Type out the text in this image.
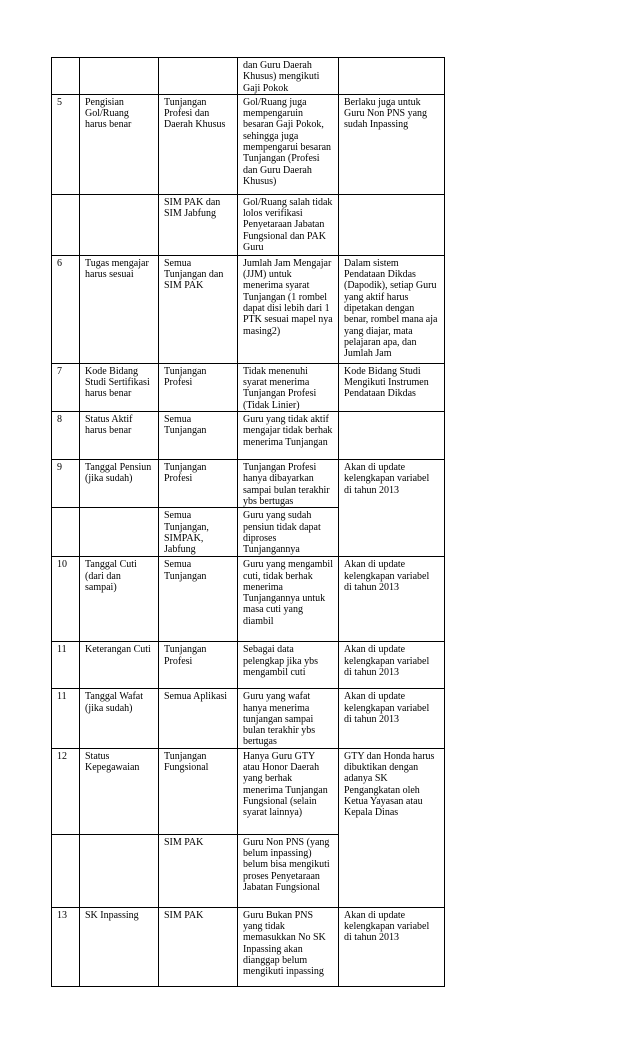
			dan Guru Daerah Khusus) mengikuti Gaji Pokok	
5	Pengisian Gol/Ruang harus benar	Tunjangan Profesi dan Daerah Khusus	Gol/Ruang juga mempengaruin besaran Gaji Pokok, sehingga juga mempengarui besaran Tunjangan (Profesi dan Guru Daerah Khusus)	Berlaku juga untuk Guru Non PNS yang sudah Inpassing
		SIM PAK dan SIM Jabfung	Gol/Ruang salah tidak lolos verifikasi Penyetaraan Jabatan Fungsional dan PAK Guru	
6	Tugas mengajar harus sesuai	Semua Tunjangan dan SIM PAK	Jumlah Jam Mengajar (JJM) untuk menerima syarat Tunjangan (1 rombel dapat disi lebih dari 1 PTK sesuai mapel nya masing2)	Dalam sistem Pendataan Dikdas (Dapodik), setiap Guru yang aktif harus dipetakan dengan benar, rombel mana aja yang diajar, mata pelajaran apa, dan Jumlah Jam
7	Kode Bidang Studi Sertifikasi harus benar	Tunjangan Profesi	Tidak menenuhi syarat menerima Tunjangan Profesi (Tidak Linier)	Kode Bidang Studi Mengikuti Instrumen Pendataan Dikdas
8	Status Aktif harus benar	Semua Tunjangan	Guru yang tidak aktif mengajar tidak berhak menerima Tunjangan	
9	Tanggal Pensiun (jika sudah)	Tunjangan Profesi	Tunjangan Profesi hanya dibayarkan sampai bulan terakhir ybs bertugas	Akan di update kelengkapan variabel di tahun 2013
		Semua Tunjangan, SIMPAK, Jabfung	Guru yang sudah pensiun tidak dapat diproses Tunjangannya	
10	Tanggal Cuti (dari dan sampai)	Semua Tunjangan	Guru yang mengambil cuti, tidak berhak menerima Tunjangannya untuk masa cuti yang diambil	Akan di update kelengkapan variabel di tahun 2013
11	Keterangan Cuti	Tunjangan Profesi	Sebagai data pelengkap jika ybs mengambil cuti	Akan di update kelengkapan variabel di tahun 2013
11	Tanggal Wafat (jika sudah)	Semua Aplikasi	Guru yang wafat hanya menerima tunjangan sampai bulan terakhir ybs bertugas	Akan di update kelengkapan variabel di tahun 2013
12	Status Kepegawaian	Tunjangan Fungsional	Hanya Guru GTY atau Honor Daerah yang berhak menerima Tunjangan Fungsional (selain syarat lainnya)	GTY dan Honda harus dibuktikan dengan adanya SK Pengangkatan oleh Ketua Yayasan atau Kepala Dinas
		SIM PAK	Guru Non PNS (yang belum inpassing) belum bisa mengikuti proses Penyetaraan Jabatan Fungsional	
13	SK Inpassing	SIM PAK	Guru Bukan PNS yang tidak memasukkan No SK Inpassing akan dianggap belum mengikuti inpassing	Akan di update kelengkapan variabel di tahun 2013
